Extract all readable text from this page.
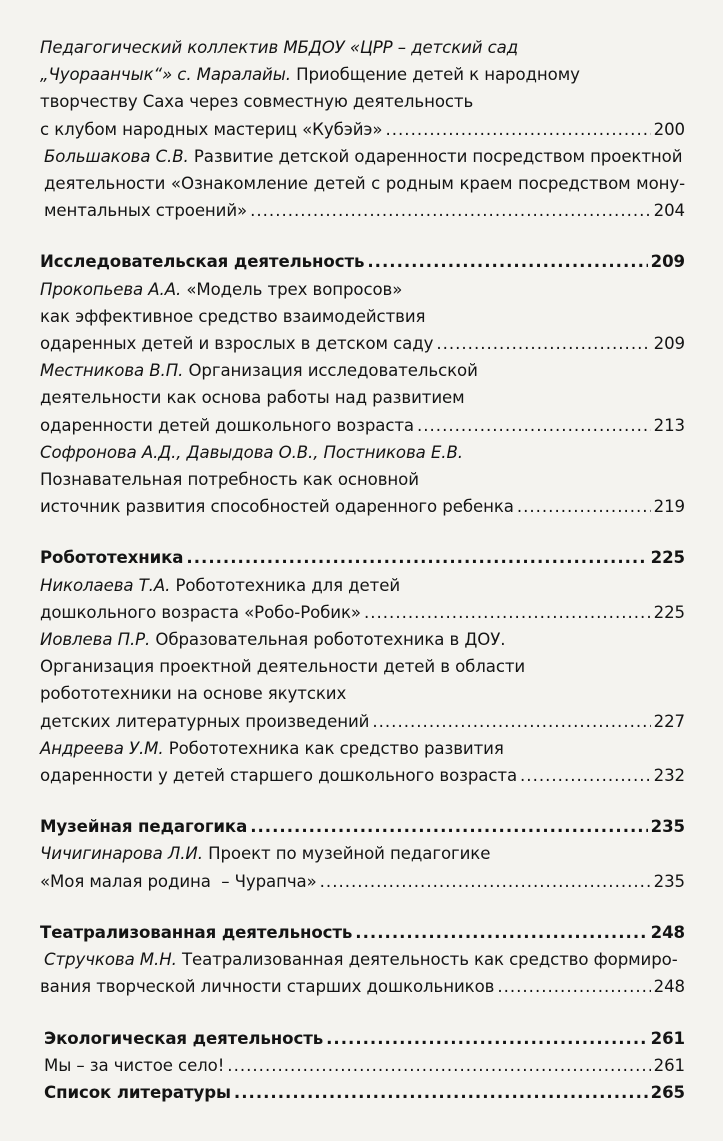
Педагогический коллектив МБДОУ «ЦРР – детский сад
„Чуораанчык“» с. Маралайы. Приобщение детей к народному
творчеству Саха через совместную деятельность
с клубом народных мастериц «Кубэйэ» .....	200
Большакова С.В. Развитие детской одаренности посредством проектной
деятельности «Ознакомление детей с родным краем посредством мону-
ментальных строений» .....	204
Исследовательская деятельность .....	209
Прокопьева А.А. «Модель трех вопросов»
как эффективное средство взаимодействия
одаренных детей и взрослых в детском саду .....	209
Местникова В.П. Организация исследовательской
деятельности как основа работы над развитием
одаренности детей дошкольного возраста .....	213
Софронова А.Д., Давыдова О.В., Постникова Е.В.
Познавательная потребность как основной
источник развития способностей одаренного ребенка .....	219
Робототехника .....	225
Николаева Т.А. Робототехника для детей
дошкольного возраста «Робо-Робик» .....	225
Иовлева П.Р. Образовательная робототехника в ДОУ.
Организация проектной деятельности детей в области
робототехники на основе якутских
детских литературных произведений .....	227
Андреева У.М. Робототехника как средство развития
одаренности у детей старшего дошкольного возраста .....	232
Музейная педагогика .....	235
Чичигинарова Л.И. Проект по музейной педагогике
«Моя малая родина  – Чурапча» .....	235
Театрализованная деятельность .....	248
Стручкова М.Н. Театрализованная деятельность как средство формиро-
вания творческой личности старших дошкольников .....	248
Экологическая деятельность .....	261
Мы – за чистое село! .....	261
Список литературы .....	265
